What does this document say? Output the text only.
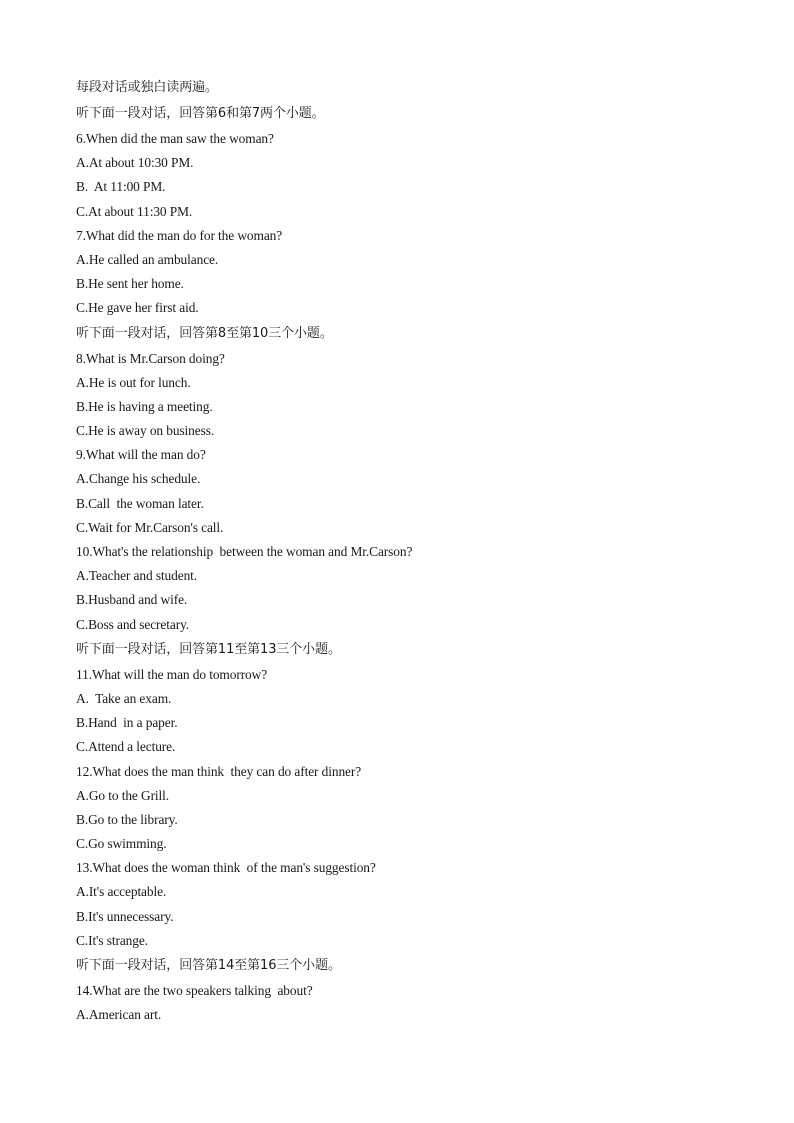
每段对话或独白读两遍。
听下面一段对话，回答第6和第7两个小题。
6.When did the man saw the woman?
A.At about 10:30 PM.
B.  At 11:00 PM.
C.At about 11:30 PM.
7.What did the man do for the woman?
A.He called an ambulance.
B.He sent her home.
C.He gave her first aid.
听下面一段对话，回答第8至第10三个小题。
8.What is Mr.Carson doing?
A.He is out for lunch.
B.He is having a meeting.
C.He is away on business.
9.What will the man do?
A.Change his schedule.
B.Call  the woman later.
C.Wait for Mr.Carson's call.
10.What's the relationship  between the woman and Mr.Carson?
A.Teacher and student.
B.Husband and wife.
C.Boss and secretary.
听下面一段对话，回答第11至第13三个小题。
11.What will the man do tomorrow?
A.  Take an exam.
B.Hand  in a paper.
C.Attend a lecture.
12.What does the man think  they can do after dinner?
A.Go to the Grill.
B.Go to the library.
C.Go swimming.
13.What does the woman think  of the man's suggestion?
A.It's acceptable.
B.It's unnecessary.
C.It's strange.
听下面一段对话，回答第14至第16三个小题。
14.What are the two speakers talking  about?
A.American art.
